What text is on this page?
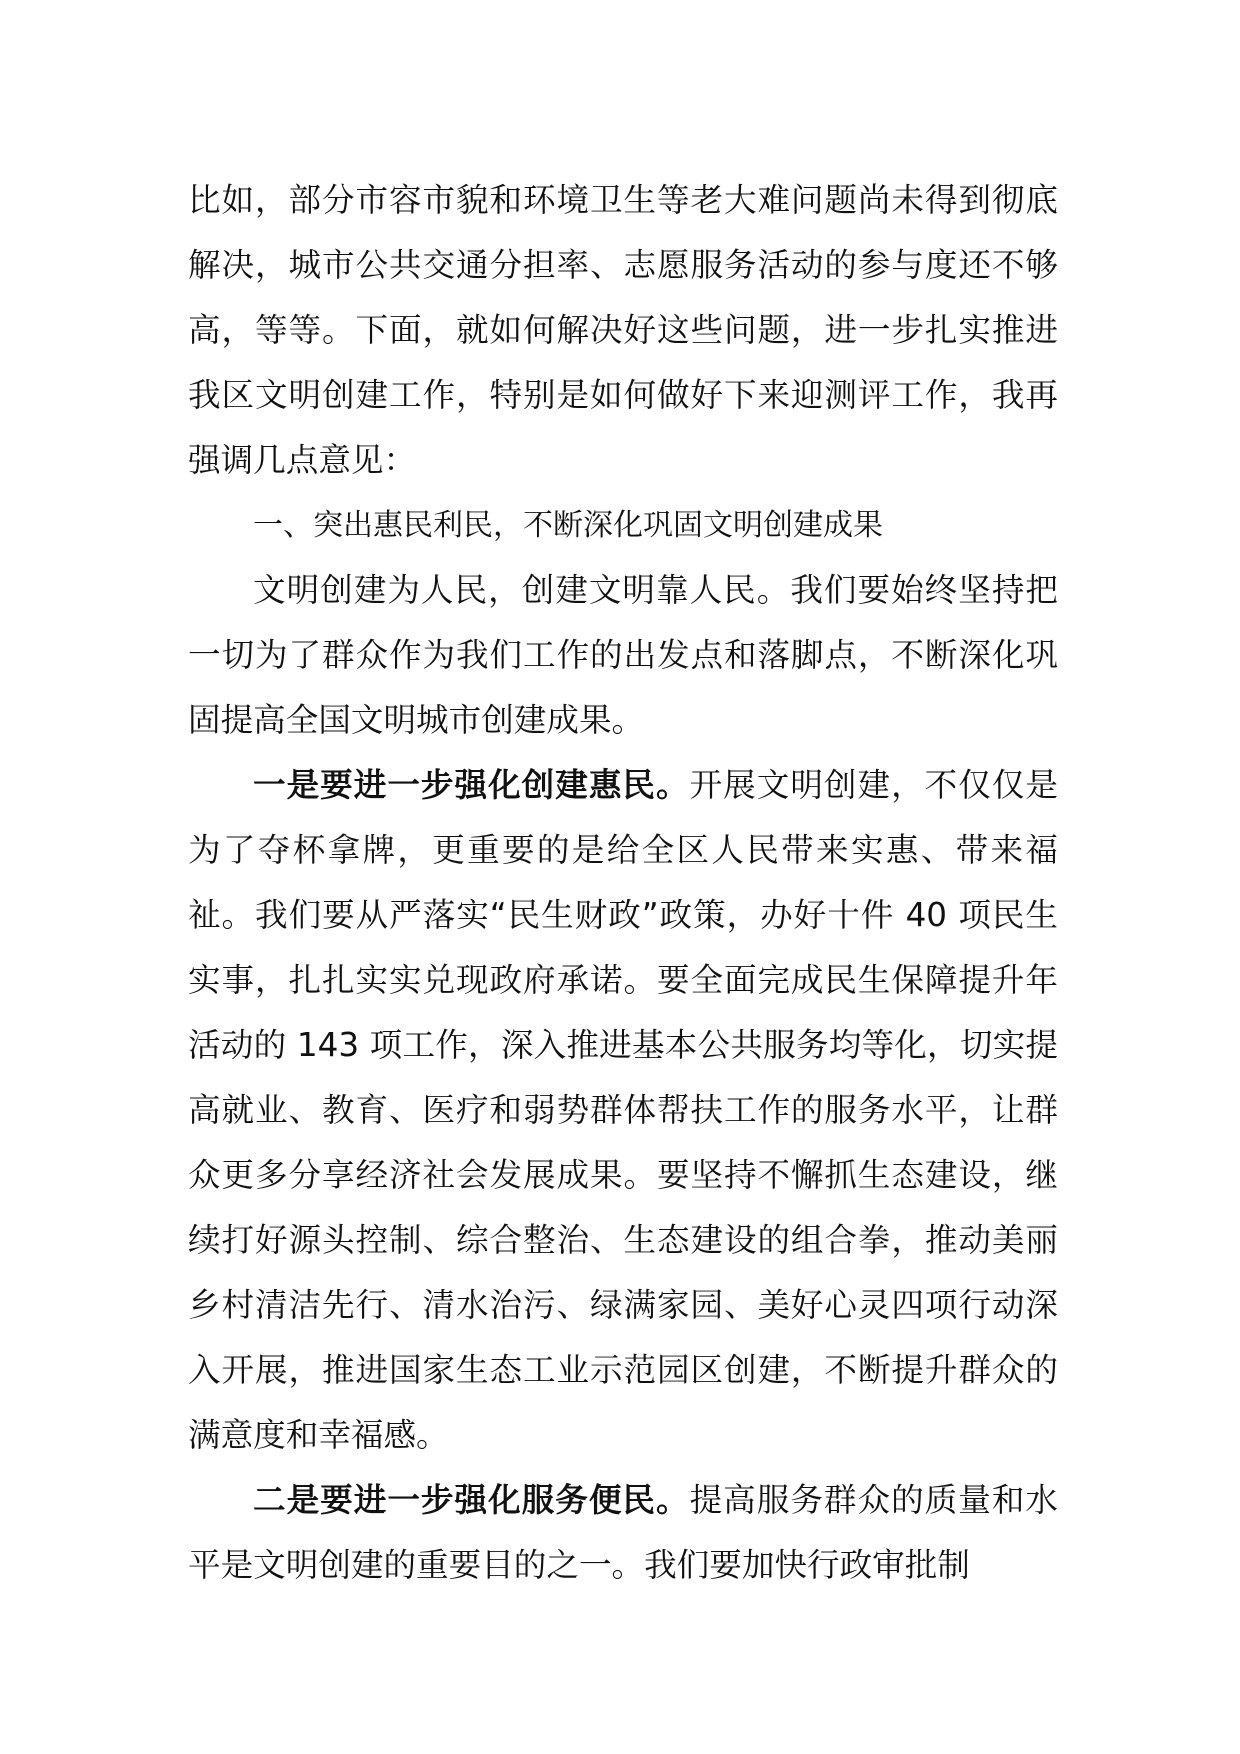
比如，部分市容市貌和环境卫生等老大难问题尚未得到彻底解决，城市公共交通分担率、志愿服务活动的参与度还不够高，等等。下面，就如何解决好这些问题，进一步扎实推进我区文明创建工作，特别是如何做好下来迎测评工作，我再强调几点意见：

一、突出惠民利民，不断深化巩固文明创建成果

文明创建为人民，创建文明靠人民。我们要始终坚持把一切为了群众作为我们工作的出发点和落脚点，不断深化巩固提高全国文明城市创建成果。

一是要进一步强化创建惠民。开展文明创建，不仅仅是为了夺杯拿牌，更重要的是给全区人民带来实惠、带来福祉。我们要从严落实“民生财政”政策，办好十件 40 项民生实事，扎扎实实兑现政府承诺。要全面完成民生保障提升年活动的 143 项工作，深入推进基本公共服务均等化，切实提高就业、教育、医疗和弱势群体帮扶工作的服务水平，让群众更多分享经济社会发展成果。要坚持不懈抓生态建设，继续打好源头控制、综合整治、生态建设的组合拳，推动美丽乡村清洁先行、清水治污、绿满家园、美好心灵四项行动深入开展，推进国家生态工业示范园区创建，不断提升群众的满意度和幸福感。

二是要进一步强化服务便民。提高服务群众的质量和水平是文明创建的重要目的之一。我们要加快行政审批制
